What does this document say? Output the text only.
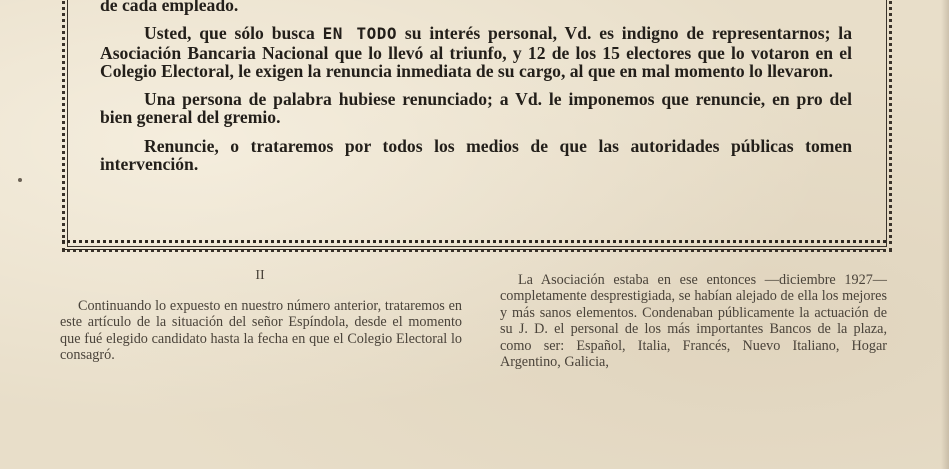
de cada empleado.

Usted, que sólo busca EN TODO su interés personal, Vd. es indigno de representarnos; la Asociación Bancaria Nacional que lo llevó al triunfo, y 12 de los 15 electores que lo votaron en el Colegio Electoral, le exigen la renuncia inmediata de su cargo, al que en mal momento lo llevaron.

Una persona de palabra hubiese renunciado; a Vd. le imponemos que renuncie, en pro del bien general del gremio.

Renuncie, o trataremos por todos los medios de que las autoridades públicas tomen intervención.

II
Continuando lo expuesto en nuestro número anterior, trataremos en este artículo de la situación del señor Espíndola, desde el momento que fué elegido candidato hasta la fecha en que el Colegio Electoral lo consagró.
La Asociación estaba en ese entonces —diciembre 1927— completamente desprestigiada, se habían alejado de ella los mejores y más sanos elementos. Condenaban públicamente la actuación de su J. D. el personal de los más importantes Bancos de la plaza, como ser: Español, Italia, Francés, Nuevo Italiano, Hogar Argentino, Galicia,
